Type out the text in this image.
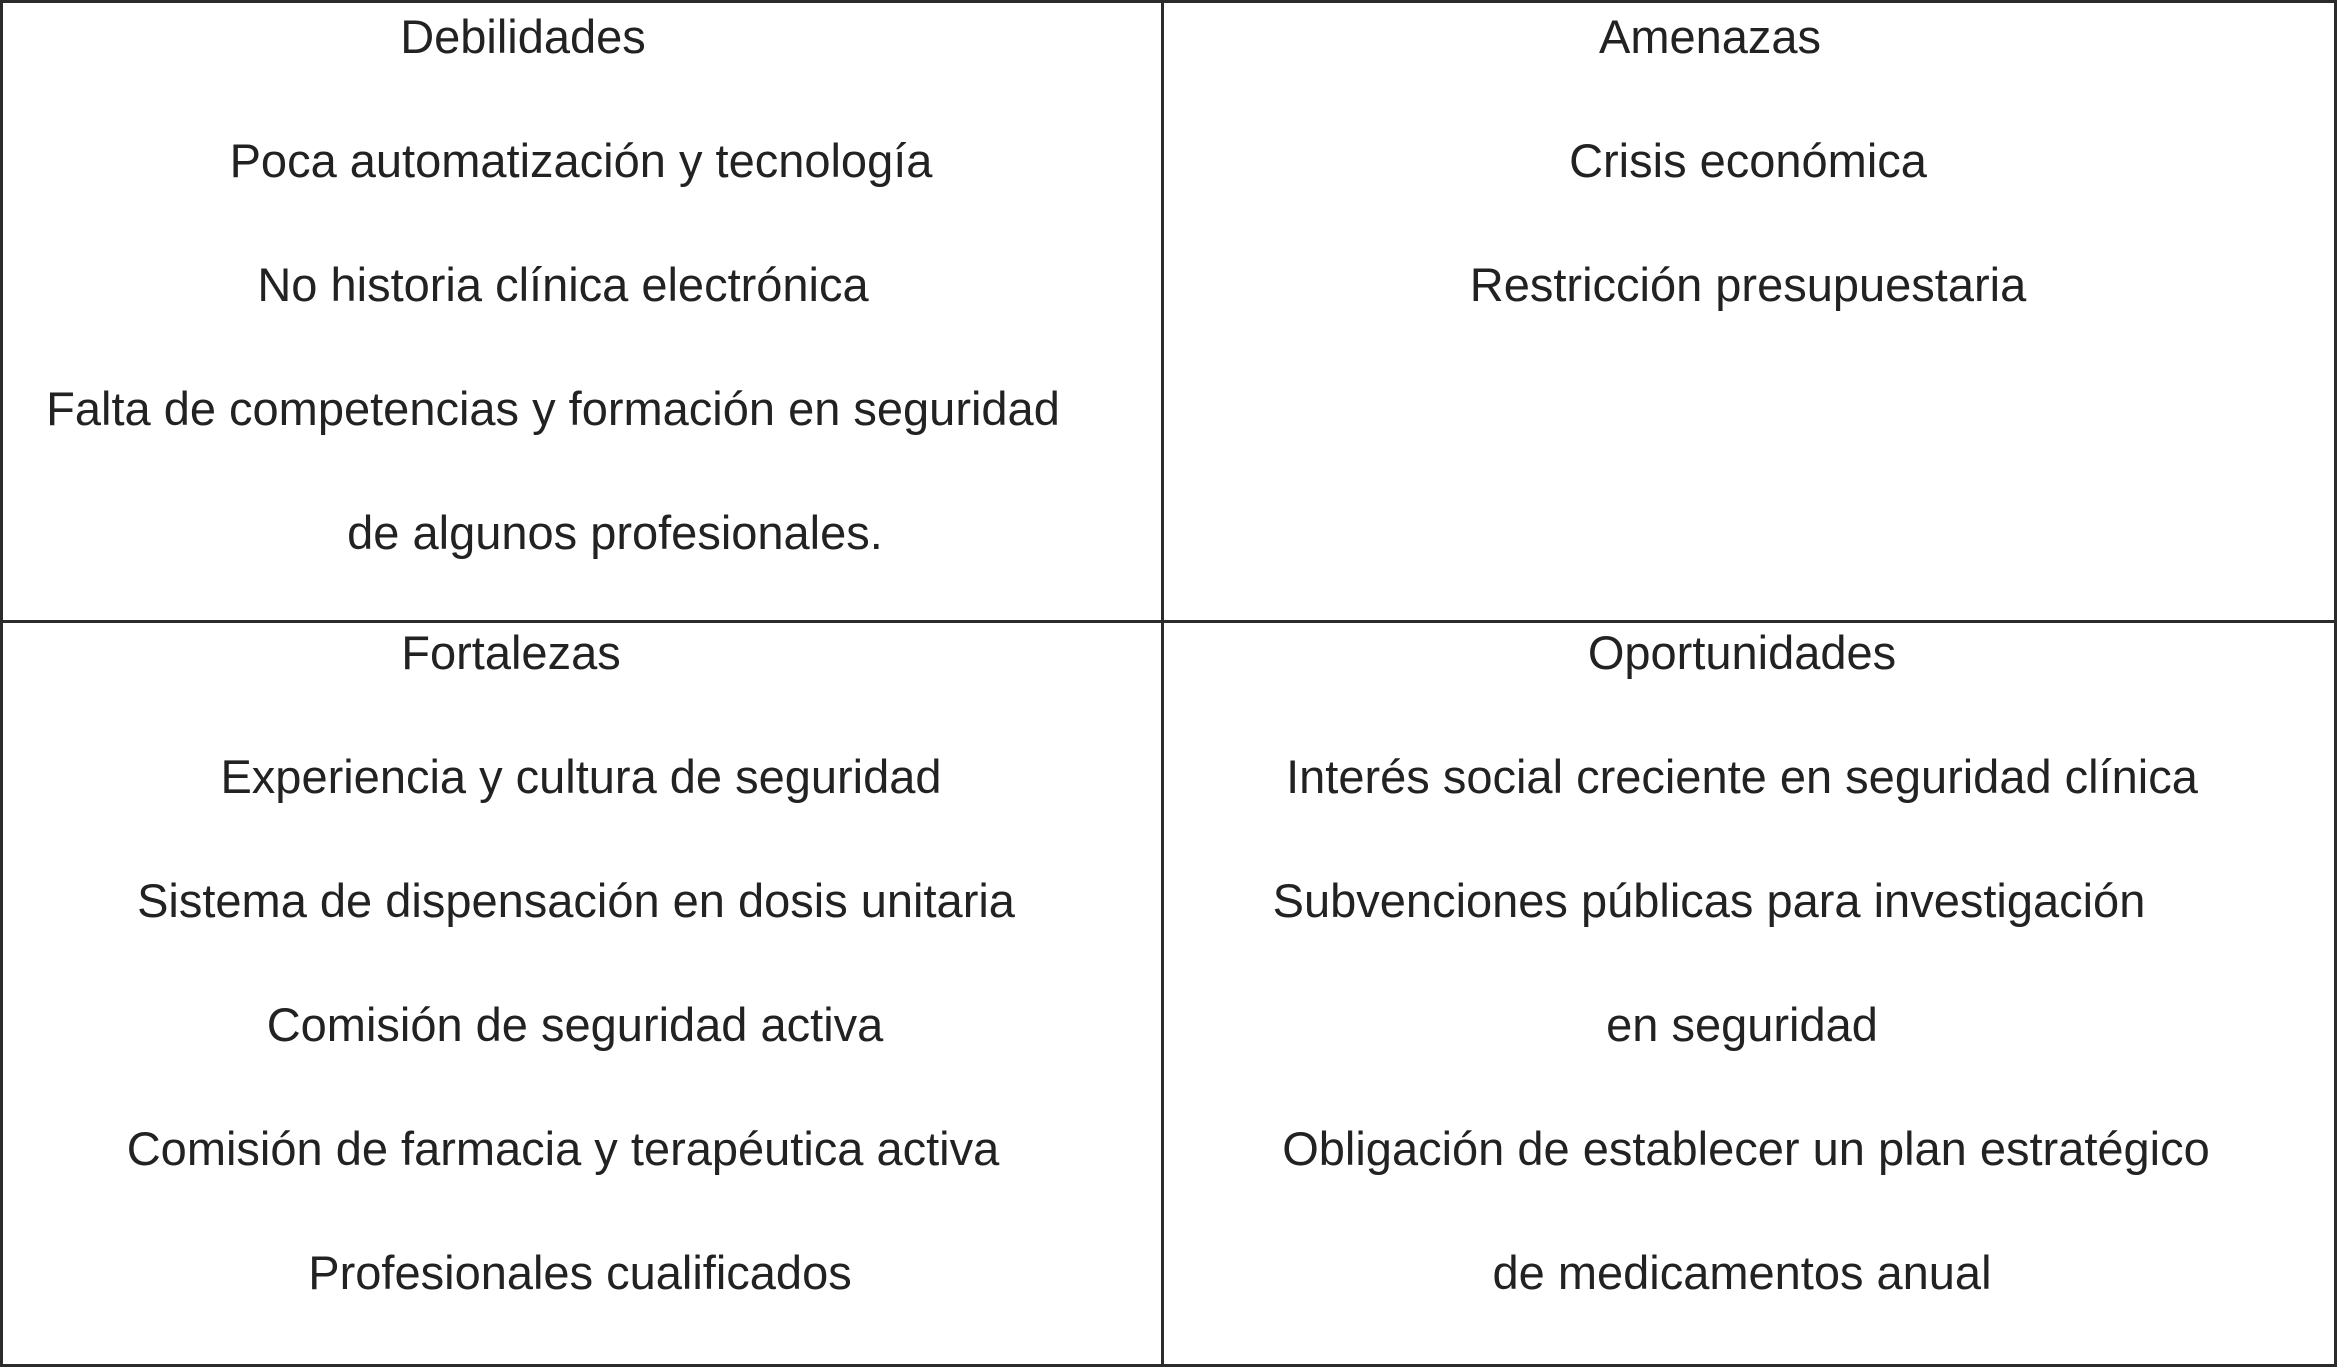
Debilidades
Poca automatización y tecnología
No historia clínica electrónica
Falta de competencias y formación en seguridad
de algunos profesionales.
Amenazas
Crisis económica
Restricción presupuestaria
Fortalezas
Experiencia y cultura de seguridad
Sistema de dispensación en dosis unitaria
Comisión de seguridad activa
Comisión de farmacia y terapéutica activa
Profesionales cualificados
Oportunidades
Interés social creciente en seguridad clínica
Subvenciones públicas para investigación
en seguridad
Obligación de establecer un plan estratégico
de medicamentos anual
